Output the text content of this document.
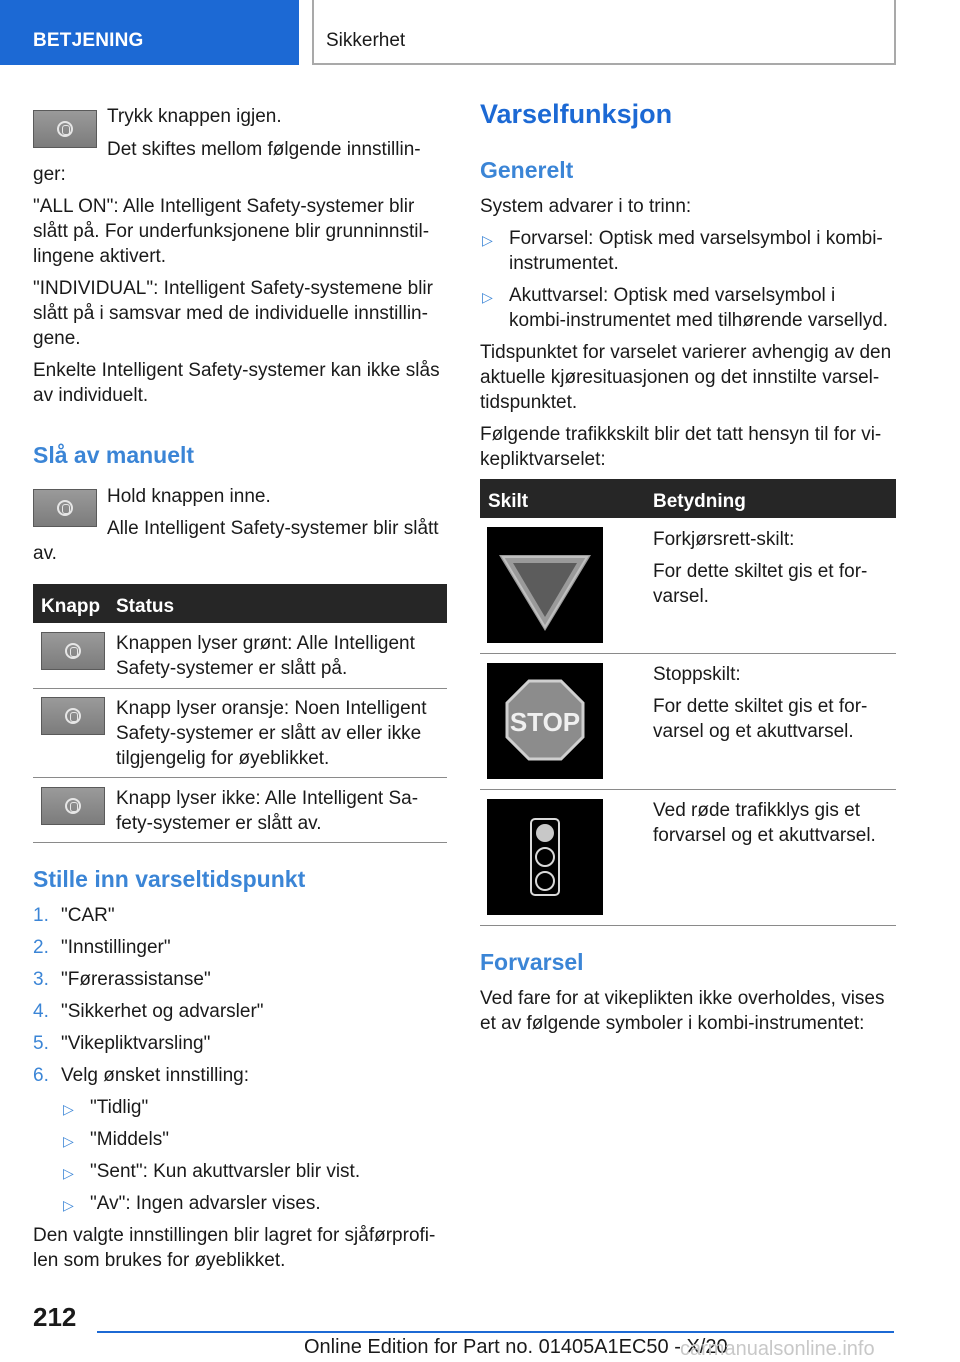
BETJENING	Sikkerhet
Trykk knappen igjen.
Det skiftes mellom følgende innstillin-
ger:
"ALL ON": Alle Intelligent Safety-systemer blir
slått på. For underfunksjonene blir grunninnstil-
lingene aktivert.
"INDIVIDUAL": Intelligent Safety-systemene blir
slått på i samsvar med de individuelle innstillin-
gene.
Enkelte Intelligent Safety-systemer kan ikke slås
av individuelt.
Slå av manuelt
Hold knappen inne.
Alle Intelligent Safety-systemer blir slått
av.
Knapp Status
Knappen lyser grønt: Alle Intelligent
Safety-systemer er slått på.
Knapp lyser oransje: Noen Intelligent
Safety-systemer er slått av eller ikke
tilgjengelig for øyeblikket.
Knapp lyser ikke: Alle Intelligent Sa-
fety-systemer er slått av.
Stille inn varseltidspunkt
1. "CAR"
2. "Innstillinger"
3. "Førerassistanse"
4. "Sikkerhet og advarsler"
5. "Vikepliktvarsling"
6. Velg ønsket innstilling:
▷ "Tidlig"
▷ "Middels"
▷ "Sent": Kun akuttvarsler blir vist.
▷ "Av": Ingen advarsler vises.
Den valgte innstillingen blir lagret for sjåførprofi-
len som brukes for øyeblikket.
Varselfunksjon
Generelt
System advarer i to trinn:
▷ Forvarsel: Optisk med varselsymbol i kombi-
instrumentet.
▷ Akuttvarsel: Optisk med varselsymbol i
kombi-instrumentet med tilhørende varsellyd.
Tidspunktet for varselet varierer avhengig av den
aktuelle kjøresituasjonen og det innstilte varsel-
tidspunktet.
Følgende trafikkskilt blir det tatt hensyn til for vi-
kepliktvarselet:
Skilt	Betydning
Forkjørsrett-skilt:
For dette skiltet gis et for-
varsel.
STOP
Stoppskilt:
For dette skiltet gis et for-
varsel og et akuttvarsel.
Ved røde trafikklys gis et
forvarsel og et akuttvarsel.
Forvarsel
Ved fare for at vikeplikten ikke overholdes, vises
et av følgende symboler i kombi-instrumentet:
212
Online Edition for Part no. 01405A1EC50 - X/20
carmanualsonline.info
